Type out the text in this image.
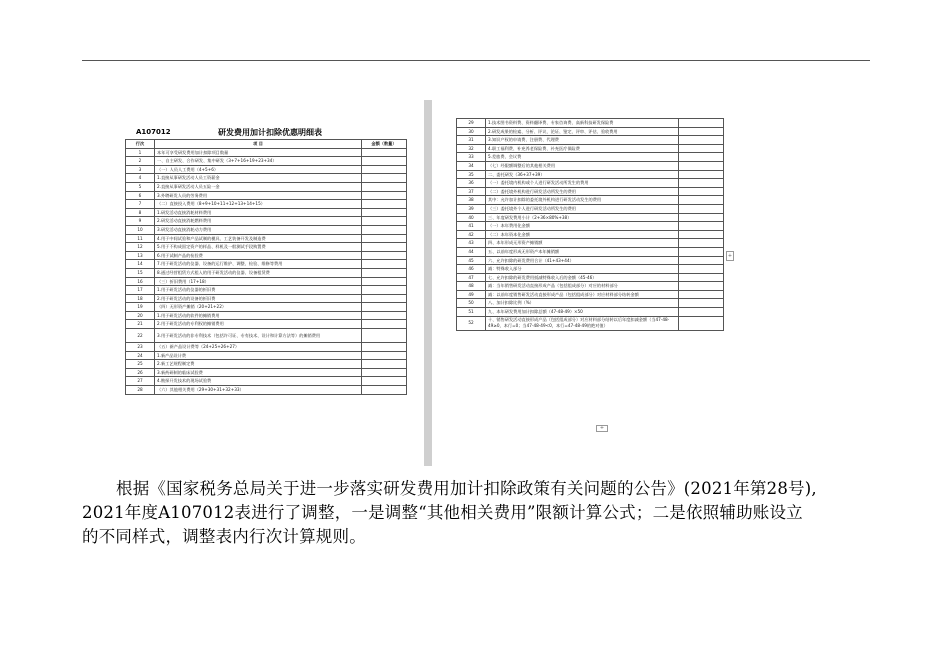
A107012	研发费用加计扣除优惠明细表
行次	项 目	金额（数量）
1	本年可享受研发费用加计扣除项目数量	
2	一、自主研发、合作研发、集中研发（3+7+16+19+23+34）	
3	（一）人员人工费用（4+5+6）	
4	1.直接从事研发活动人员工资薪金	
5	2.直接从事研发活动人员五险一金	
6	3.外聘研发人员的劳务费用	
7	（二）直接投入费用（8+9+10+11+12+13+14+15）	
8	1.研发活动直接消耗材料费用	
9	2.研发活动直接消耗燃料费用	
10	3.研发活动直接消耗动力费用	
11	4.用于中间试验和产品试制的模具、工艺装备开发及制造费	
12	5.用于不构成固定资产的样品、样机及一般测试手段购置费	
13	6.用于试制产品的检验费	
14	7.用于研发活动的仪器、设备的运行维护、调整、检验、维修等费用	
15	8.通过经营租赁方式租入的用于研发活动的仪器、设备租赁费	
16	（三）折旧费用（17+18）	
17	1.用于研发活动的仪器的折旧费	
18	2.用于研发活动的设备的折旧费	
19	（四）无形资产摊销（20+21+22）	
20	1.用于研发活动的软件的摊销费用	
21	2.用于研发活动的专利权的摊销费用	
22	3.用于研发活动的非专利技术（包括许可证、专有技术、设计和计算方法等）的摊销费用	
23	（五）新产品设计费等（24+25+26+27）	
24	1.新产品设计费	
25	2.新工艺规程制定费	
26	3.新药研制的临床试验费	
27	4.勘探开发技术的现场试验费	
28	（六）其他相关费用（29+30+31+32+33）	
29	1.技术图书资料费、资料翻译费、专家咨询费、高新科技研发保险费	
30	2.研发成果的检索、分析、评议、论证、鉴定、评审、评估、验收费用	
31	3.知识产权的申请费、注册费、代理费	
32	4.职工福利费、补充养老保险费、补充医疗保险费	
33	5.差旅费、会议费	
34	（七）经限额调整后的其他相关费用	
35	二、委托研发（36+37+39）	
36	（一）委托境内机构或个人进行研发活动所发生的费用	
37	（二）委托境外机构进行研发活动所发生的费用	
38	其中：允许加计扣除的委托境外机构进行研发活动发生的费用	
39	（三）委托境外个人进行研发活动所发生的费用	
40	三、年度研发费用小计（2+36×80%+38）	
41	（一）本年费用化金额	
42	（二）本年资本化金额	
43	四、本年形成无形资产摊销额	
44	五、以前年度形成无形资产本年摊销额	
45	六、允许扣除的研发费用合计（41+43+44）	
46	减：特殊收入部分	
47	七、允许扣除的研发费用抵减特殊收入后的金额（45-46）	
48	减：当年销售研发活动直接形成产品（包括组成部分）对应的材料部分	
49	减：以前年度销售研发活动直接形成产品（包括组成部分）对应材料部分结转金额	
50	八、加计扣除比例（%）	
51	九、本年研发费用加计扣除总额（47-48-49）×50	
52	十、销售研发活动直接形成产品（包括组成部分）对应材料部分结转以后年度扣减金额（当47-48-49≥0，本行=0；当47-48-49<0，本行=47-48-49的绝对值）	
+
+
根据《国家税务总局关于进一步落实研发费用加计扣除政策有关问题的公告》(2021年第28号),
2021年度A107012表进行了调整，一是调整“其他相关费用”限额计算公式；二是依照辅助账设立
的不同样式，调整表内行次计算规则。
